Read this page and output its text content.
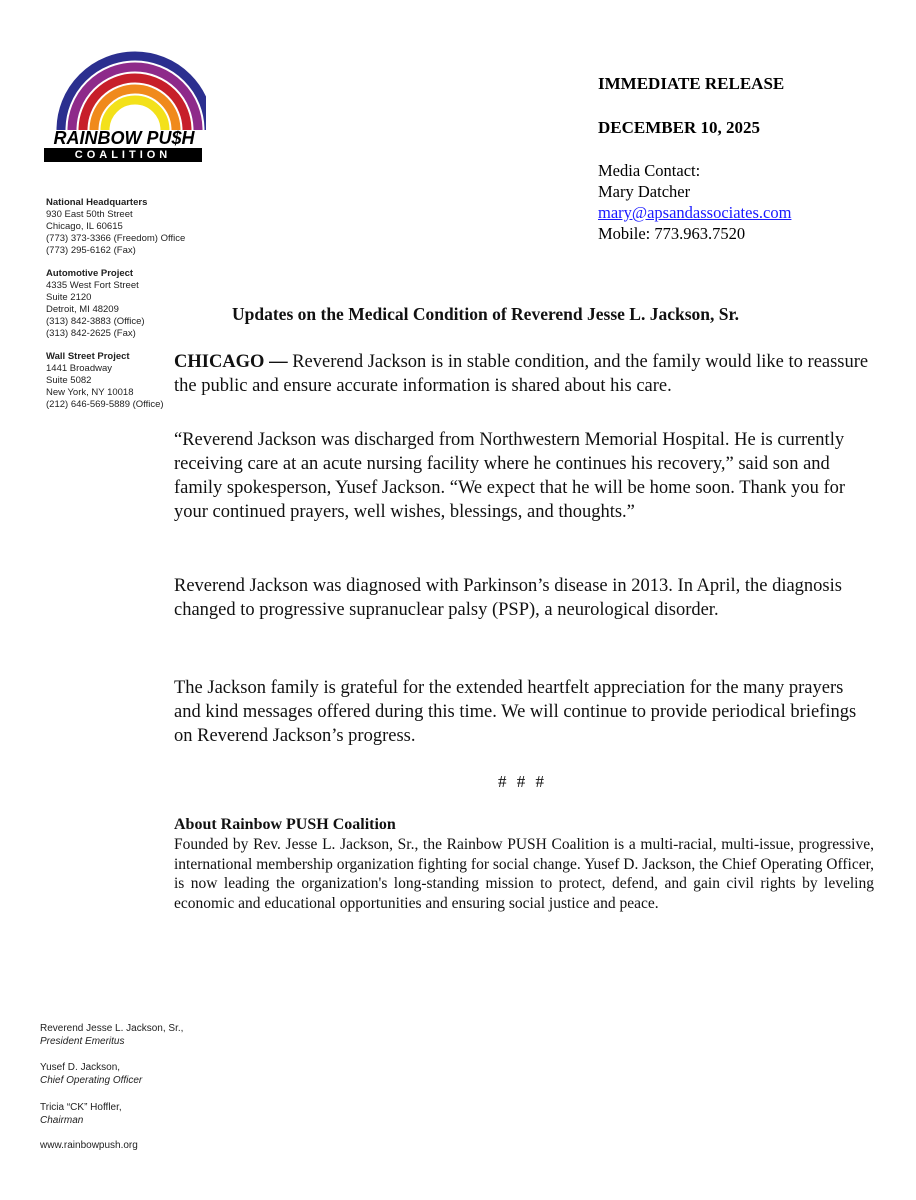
RAINBOW PU$H
COALITION
National Headquarters
930 East 50th Street
Chicago, IL 60615
(773) 373-3366 (Freedom) Office
(773) 295-6162 (Fax)
Automotive Project
4335 West Fort Street
Suite 2120
Detroit, MI 48209
(313) 842-3883 (Office)
(313) 842-2625 (Fax)
Wall Street Project
1441 Broadway
Suite 5082
New York, NY 10018
(212) 646-569-5889 (Office)
IMMEDIATE RELEASE
DECEMBER 10, 2025
Media Contact:
Mary Datcher
mary@apsandassociates.com
Mobile: 773.963.7520
Updates on the Medical Condition of Reverend Jesse L. Jackson, Sr.

CHICAGO — Reverend Jackson is in stable condition, and the family would like to reassure the public and ensure accurate information is shared about his care.

“Reverend Jackson was discharged from Northwestern Memorial Hospital. He is currently receiving care at an acute nursing facility where he continues his recovery,” said son and family spokesperson, Yusef Jackson. “We expect that he will be home soon. Thank you for your continued prayers, well wishes, blessings, and thoughts.”

Reverend Jackson was diagnosed with Parkinson’s disease in 2013. In April, the diagnosis changed to progressive supranuclear palsy (PSP), a neurological disorder.

The Jackson family is grateful for the extended heartfelt appreciation for the many prayers and kind messages offered during this time. We will continue to provide periodical briefings on Reverend Jackson’s progress.

# # #
About Rainbow PUSH Coalition

Founded by Rev. Jesse L. Jackson, Sr., the Rainbow PUSH Coalition is a multi-racial, multi-issue, progressive, international membership organization fighting for social change. Yusef D. Jackson, the Chief Operating Officer, is now leading the organization's long-standing mission to protect, defend, and gain civil rights by leveling economic and educational opportunities and ensuring social justice and peace.

Reverend Jesse L. Jackson, Sr.,
President Emeritus
Yusef D. Jackson,
Chief Operating Officer
Tricia “CK” Hoffler,
Chairman
www.rainbowpush.org
